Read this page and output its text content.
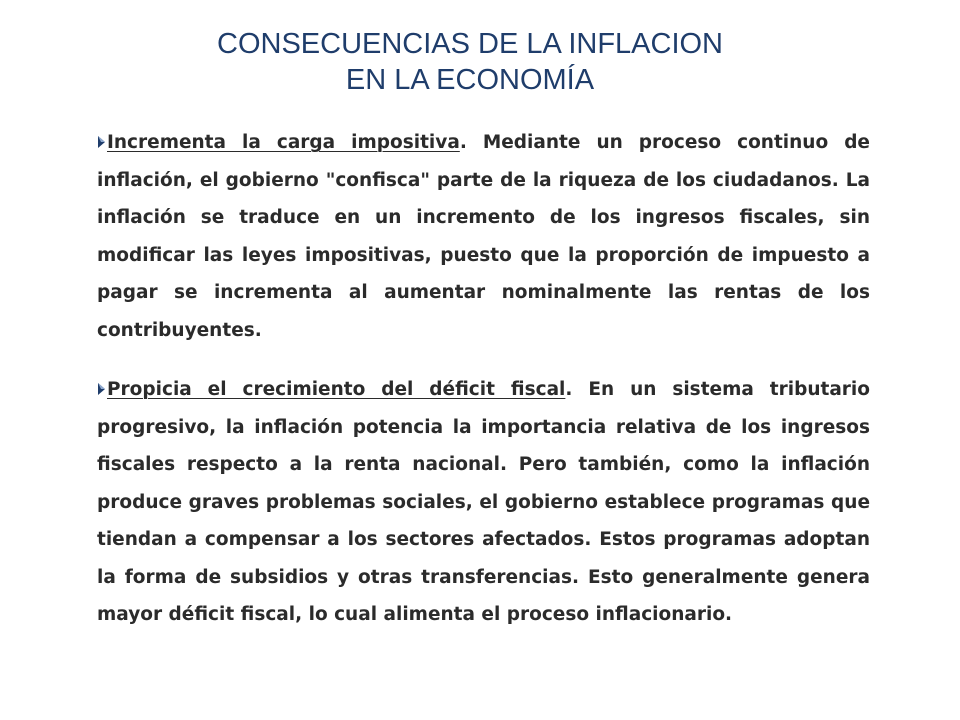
CONSECUENCIAS DE LA INFLACION
EN LA ECONOMÍA
Incrementa la carga impositiva. Mediante un proceso continuo de inflación, el gobierno "confisca" parte de la riqueza de los ciudadanos. La inflación se traduce en un incremento de los ingresos fiscales, sin modificar las leyes impositivas, puesto que la proporción de impuesto a pagar se incrementa al aumentar nominalmente las rentas de los contribuyentes.
Propicia el crecimiento del déficit fiscal. En un sistema tributario progresivo, la inflación potencia la importancia relativa de los ingresos fiscales respecto a la renta nacional. Pero también, como la inflación produce graves problemas sociales, el gobierno establece programas que tiendan a compensar a los sectores afectados. Estos programas adoptan la forma de subsidios y otras transferencias. Esto generalmente genera mayor déficit fiscal, lo cual alimenta el proceso inflacionario.
